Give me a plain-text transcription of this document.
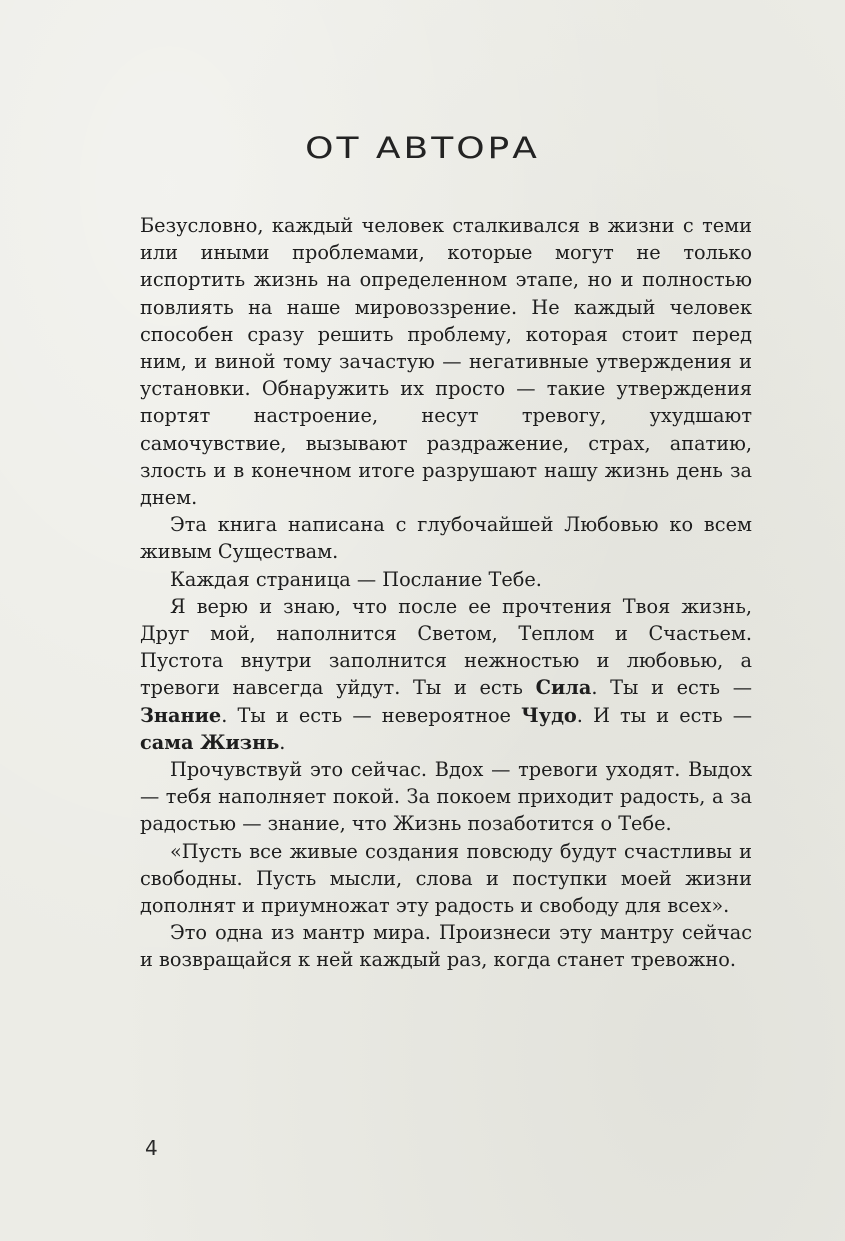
ОТ АВТОРА

Безусловно, каждый человек сталкивался в жизни с теми или иными проблемами, которые могут не только испортить жизнь на определенном этапе, но и полностью повлиять на наше мировоззрение. Не каждый человек способен сразу решить проблему, которая стоит перед ним, и виной тому зачастую — негативные утверждения и установки. Обнаружить их просто — такие утверждения портят настроение, несут тревогу, ухудшают самочувствие, вызывают раздражение, страх, апатию, злость и в конечном итоге разрушают нашу жизнь день за днем.

Эта книга написана с глубочайшей Любовью ко всем живым Существам.

Каждая страница — Послание Тебе.

Я верю и знаю, что после ее прочтения Твоя жизнь, Друг мой, наполнится Светом, Теплом и Счастьем. Пустота внутри заполнится нежностью и любовью, а тревоги навсегда уйдут. Ты и есть Сила. Ты и есть — Знание. Ты и есть — невероятное Чудо. И ты и есть — сама Жизнь.

Прочувствуй это сейчас. Вдох — тревоги уходят. Выдох — тебя наполняет покой. За покоем приходит радость, а за радостью — знание, что Жизнь позаботится о Тебе.

«Пусть все живые создания повсюду будут счастливы и свободны. Пусть мысли, слова и поступки моей жизни дополнят и приумножат эту радость и свободу для всех».

Это одна из мантр мира. Произнеси эту мантру сейчас и возвращайся к ней каждый раз, когда станет тревожно.

4
